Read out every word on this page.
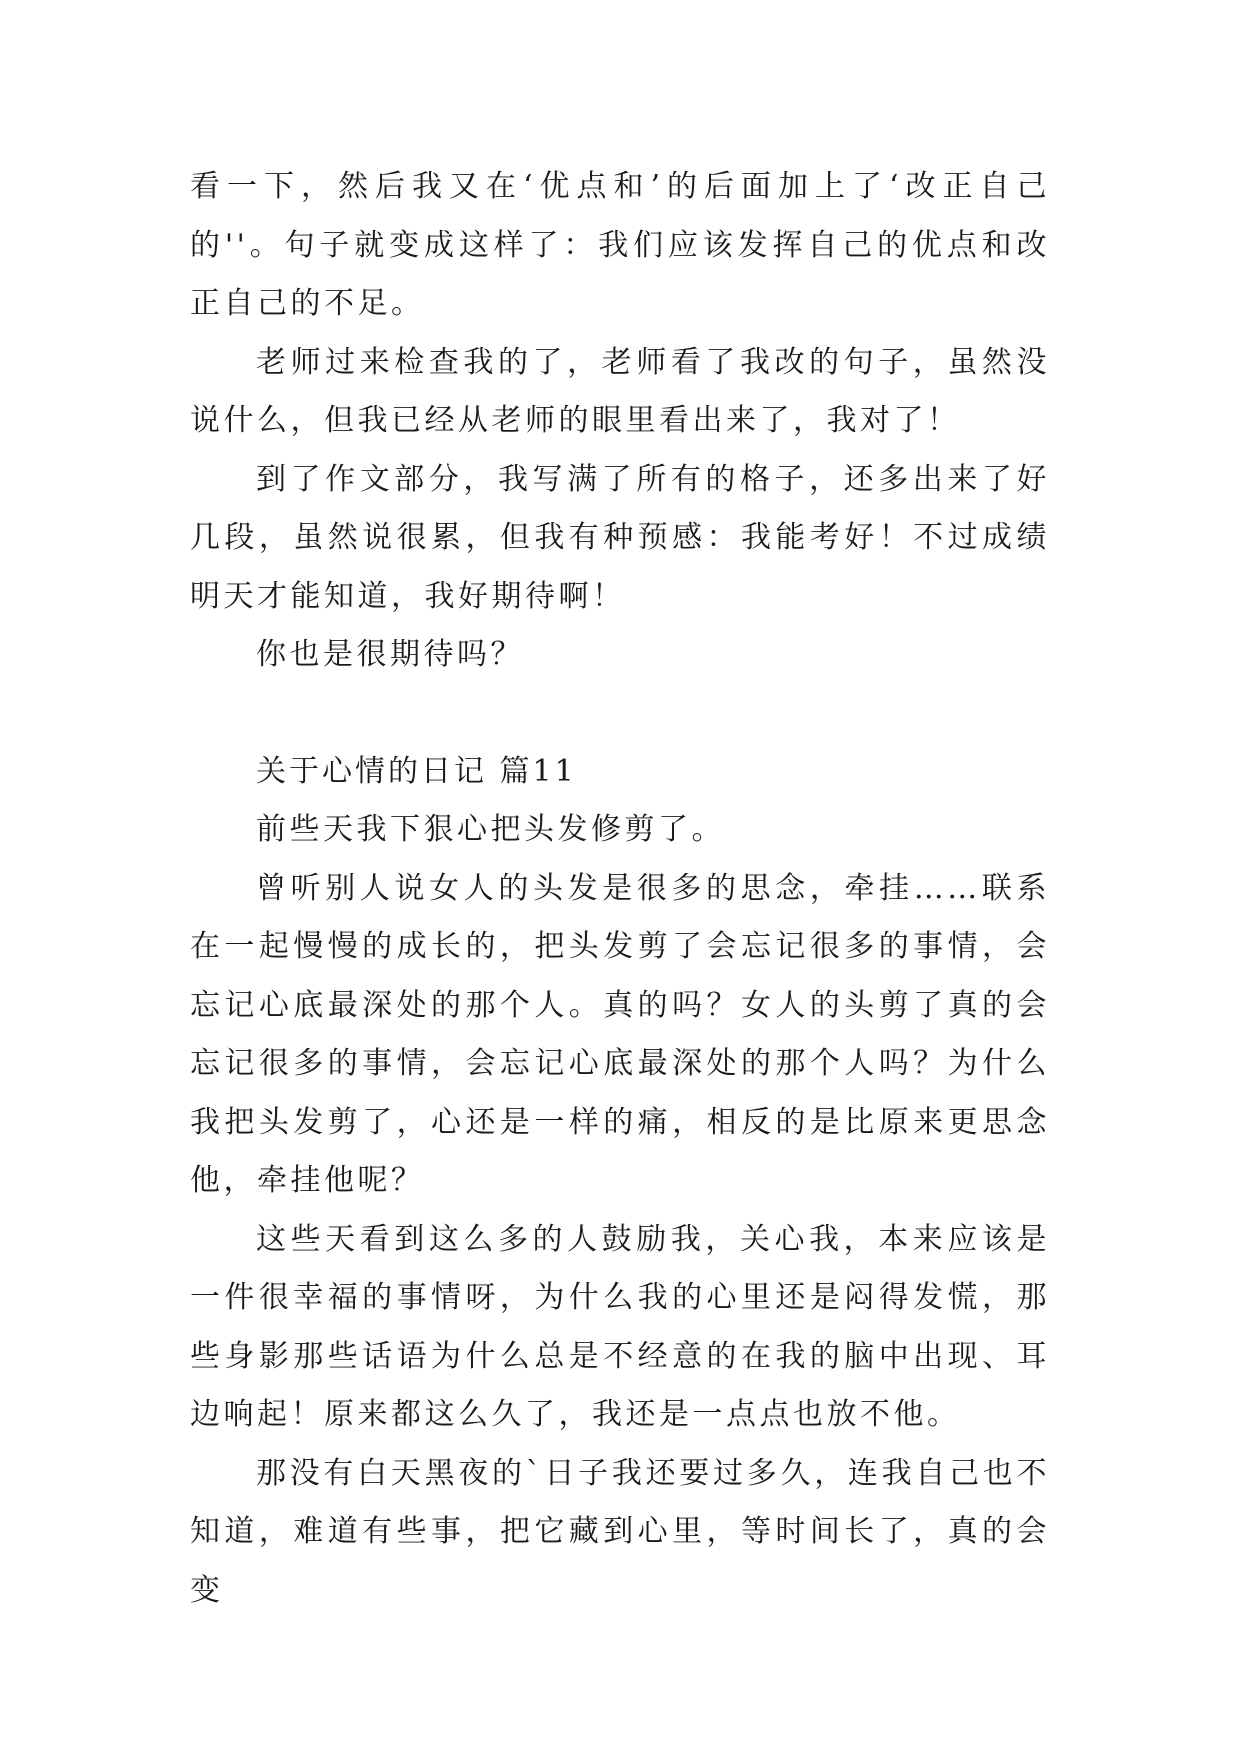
看一下，然后我又在‘优点和’的后面加上了‘改正自己的''。句子就变成这样了：我们应该发挥自己的优点和改正自己的不足。

老师过来检查我的了，老师看了我改的句子，虽然没说什么，但我已经从老师的眼里看出来了，我对了！

到了作文部分，我写满了所有的格子，还多出来了好几段，虽然说很累，但我有种预感：我能考好！不过成绩明天才能知道，我好期待啊！

你也是很期待吗？

关于心情的日记 篇11

前些天我下狠心把头发修剪了。

曾听别人说女人的头发是很多的思念，牵挂……联系在一起慢慢的成长的，把头发剪了会忘记很多的事情，会忘记心底最深处的那个人。真的吗？女人的头剪了真的会忘记很多的事情，会忘记心底最深处的那个人吗？为什么我把头发剪了，心还是一样的痛，相反的是比原来更思念他，牵挂他呢？

这些天看到这么多的人鼓励我，关心我，本来应该是一件很幸福的事情呀，为什么我的心里还是闷得发慌，那些身影那些话语为什么总是不经意的在我的脑中出现、耳边响起！原来都这么久了，我还是一点点也放不他。

那没有白天黑夜的`日子我还要过多久，连我自己也不知道，难道有些事，把它藏到心里，等时间长了，真的会变
